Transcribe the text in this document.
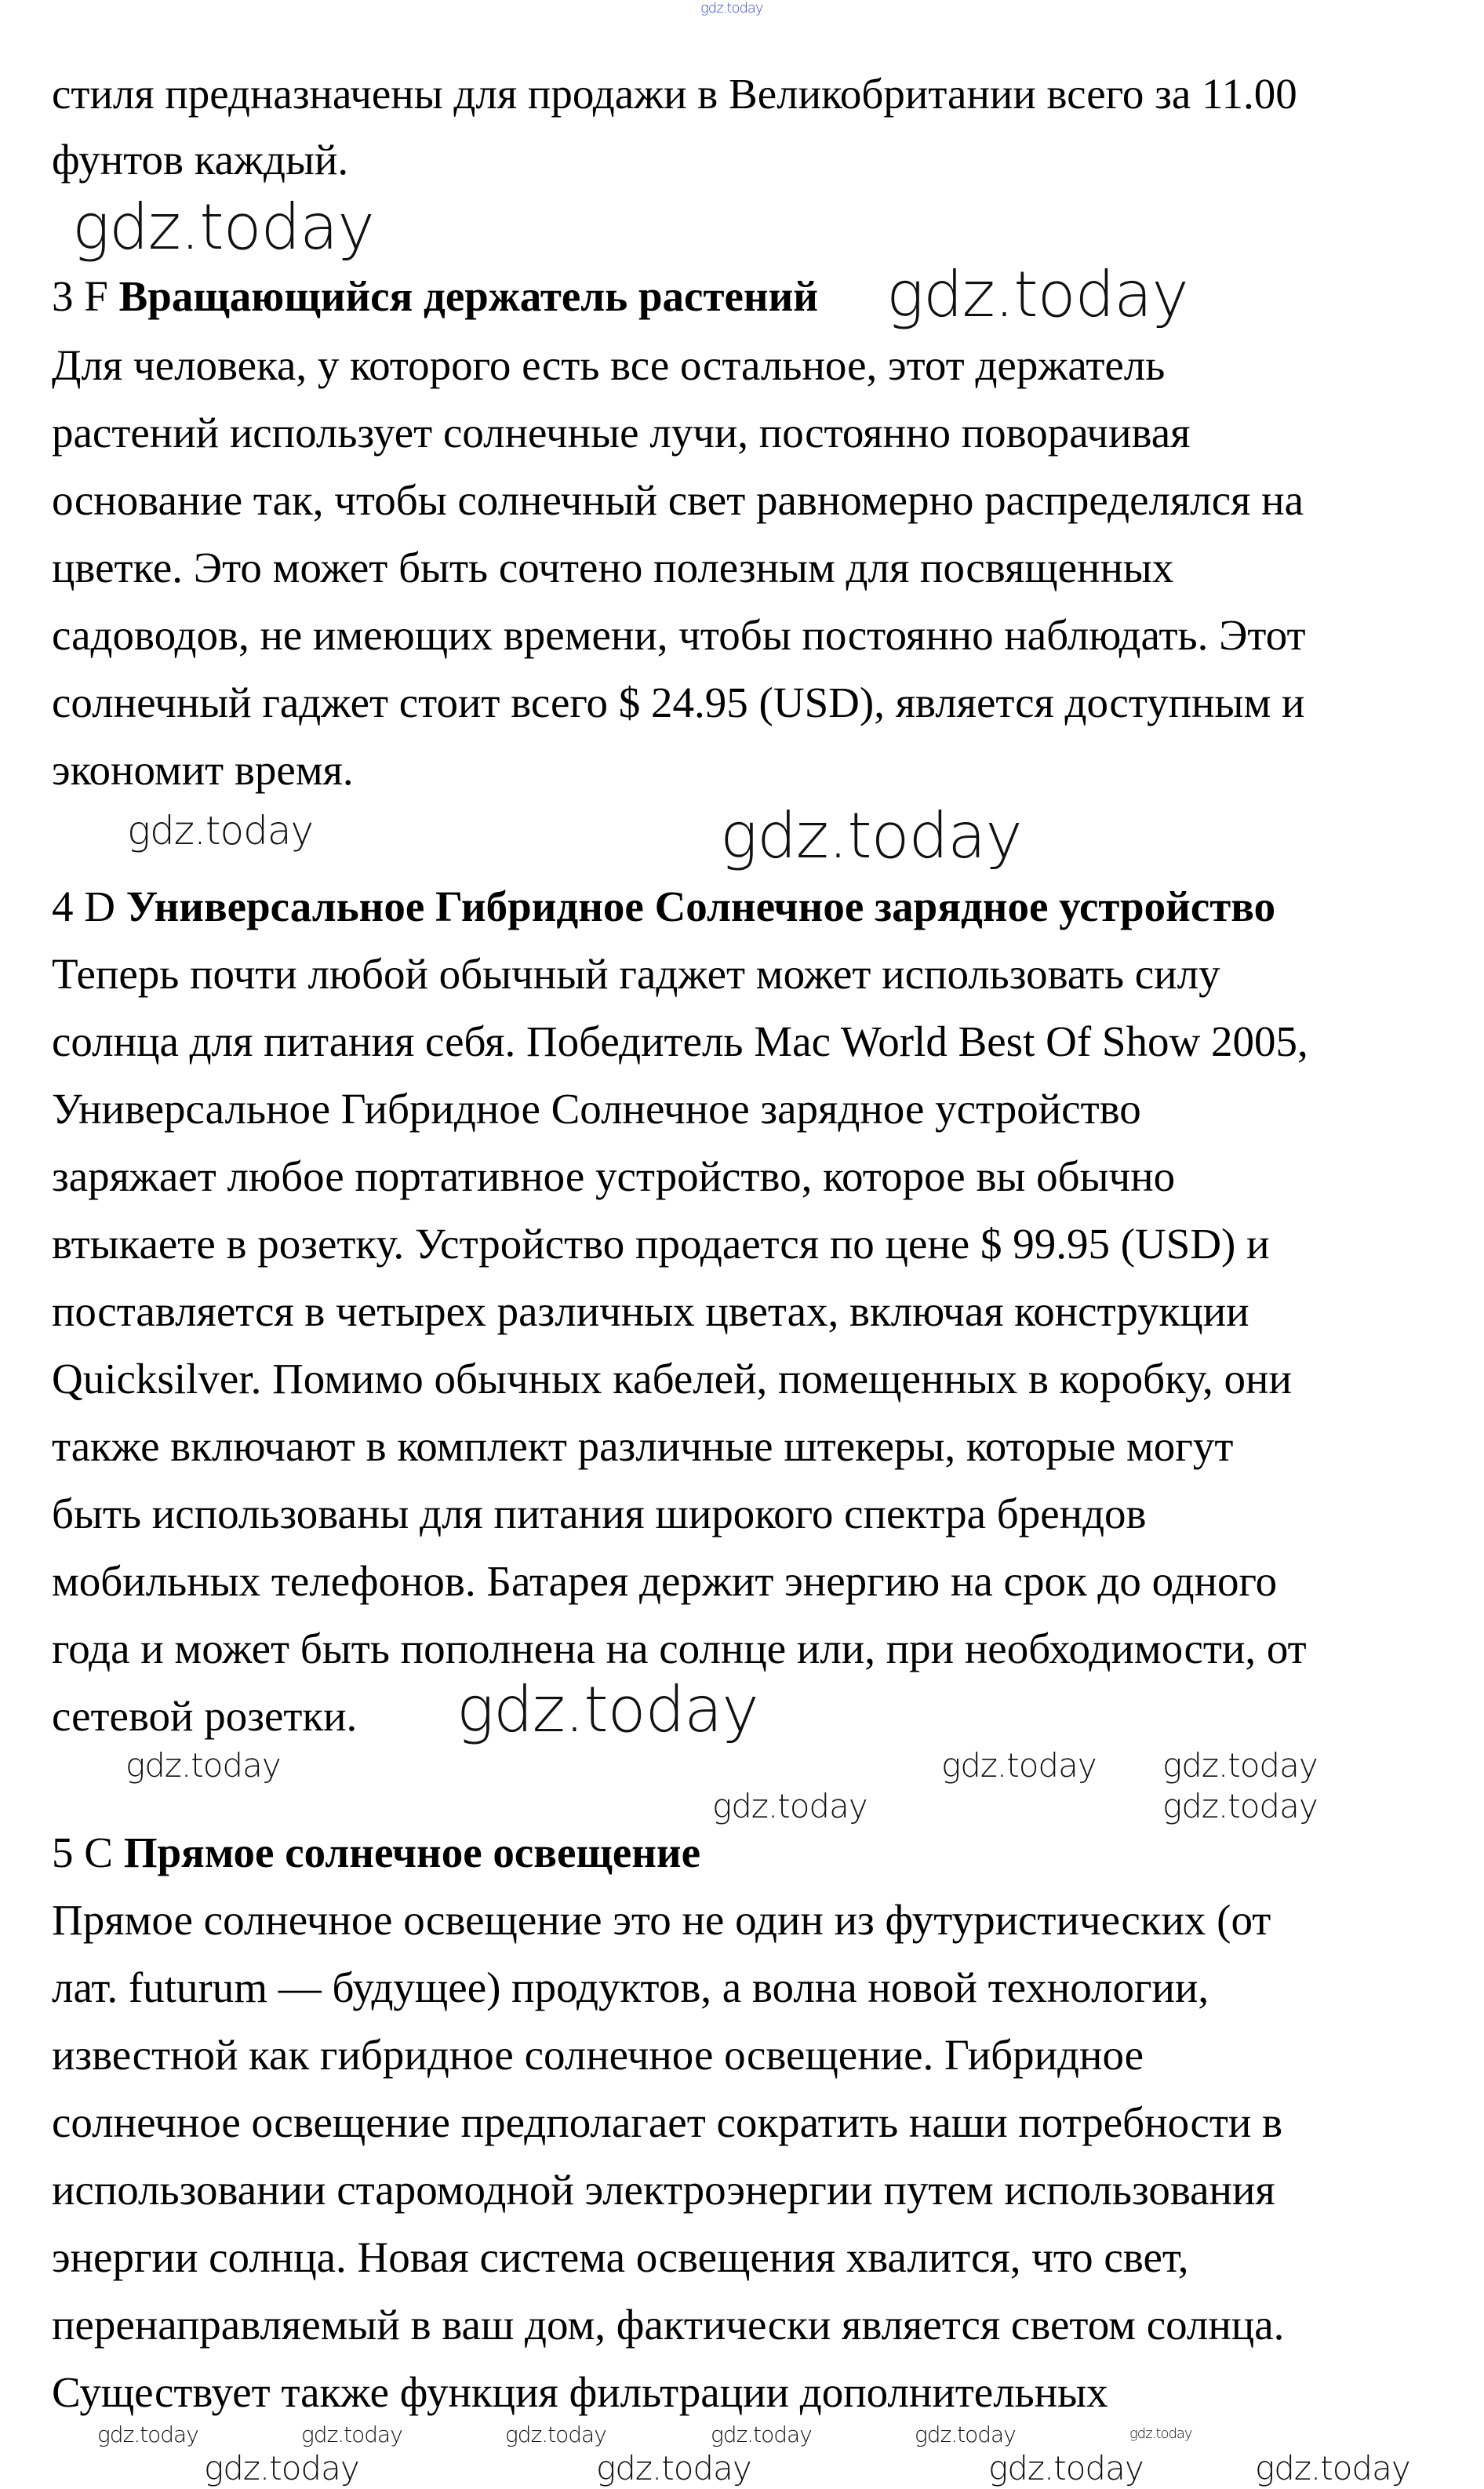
gdz.today
gdz.today
gdz.today
gdz.today	gdz.today
gdz.today
gdz.today
gdz.today
gdz.today
gdz.today
gdz.today
gdz.today	gdz.today
gdz.today
gdz.today
gdz.today	gdz.today	gdz.today	gdz.today	gdz.today
gdz.today
стиля предназначены для продажи в Великобритании всего за 11.00
фунтов каждый.
3 F Вращающийся держатель растений
Для человека, у которого есть все остальное, этот держатель
растений использует солнечные лучи, постоянно поворачивая
основание так, чтобы солнечный свет равномерно распределялся на
цветке. Это может быть сочтено полезным для посвященных
садоводов, не имеющих времени, чтобы постоянно наблюдать. Этот
солнечный гаджет стоит всего $ 24.95 (USD), является доступным и
экономит время.
4 D Универсальное Гибридное Солнечное зарядное устройство
Теперь почти любой обычный гаджет может использовать силу
солнца для питания себя. Победитель Mac World Best Of Show 2005,
Универсальное Гибридное Солнечное зарядное устройство
заряжает любое портативное устройство, которое вы обычно
втыкаете в розетку. Устройство продается по цене $ 99.95 (USD) и
поставляется в четырех различных цветах, включая конструкции
Quicksilver. Помимо обычных кабелей, помещенных в коробку, они
также включают в комплект различные штекеры, которые могут
быть использованы для питания широкого спектра брендов
мобильных телефонов. Батарея держит энергию на срок до одного
года и может быть пополнена на солнце или, при необходимости, от
сетевой розетки.
5 C Прямое солнечное освещение
Прямое солнечное освещение это не один из футуристических (от
лат. futurum — будущее) продуктов, а волна новой технологии,
известной как гибридное солнечное освещение. Гибридное
солнечное освещение предполагает сократить наши потребности в
использовании старомодной электроэнергии путем использования
энергии солнца. Новая система освещения хвалится, что свет,
перенаправляемый в ваш дом, фактически является светом солнца.
Существует также функция фильтрации дополнительных
